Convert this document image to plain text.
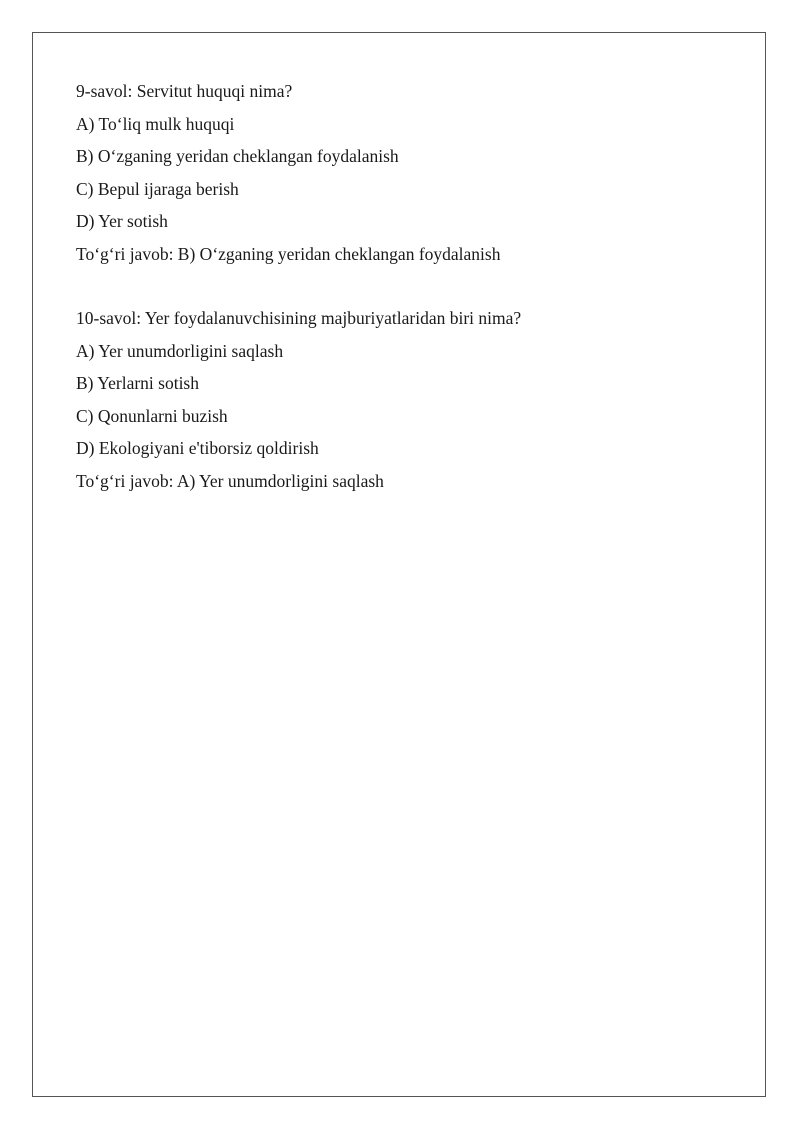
9-savol: Servitut huquqi nima?
A) To‘liq mulk huquqi
B) O‘zganing yeridan cheklangan foydalanish
C) Bepul ijaraga berish
D) Yer sotish
To‘g‘ri javob: B) O‘zganing yeridan cheklangan foydalanish
10-savol: Yer foydalanuvchisining majburiyatlaridan biri nima?
A) Yer unumdorligini saqlash
B) Yerlarni sotish
C) Qonunlarni buzish
D) Ekologiyani e'tiborsiz qoldirish
To‘g‘ri javob: A) Yer unumdorligini saqlash
